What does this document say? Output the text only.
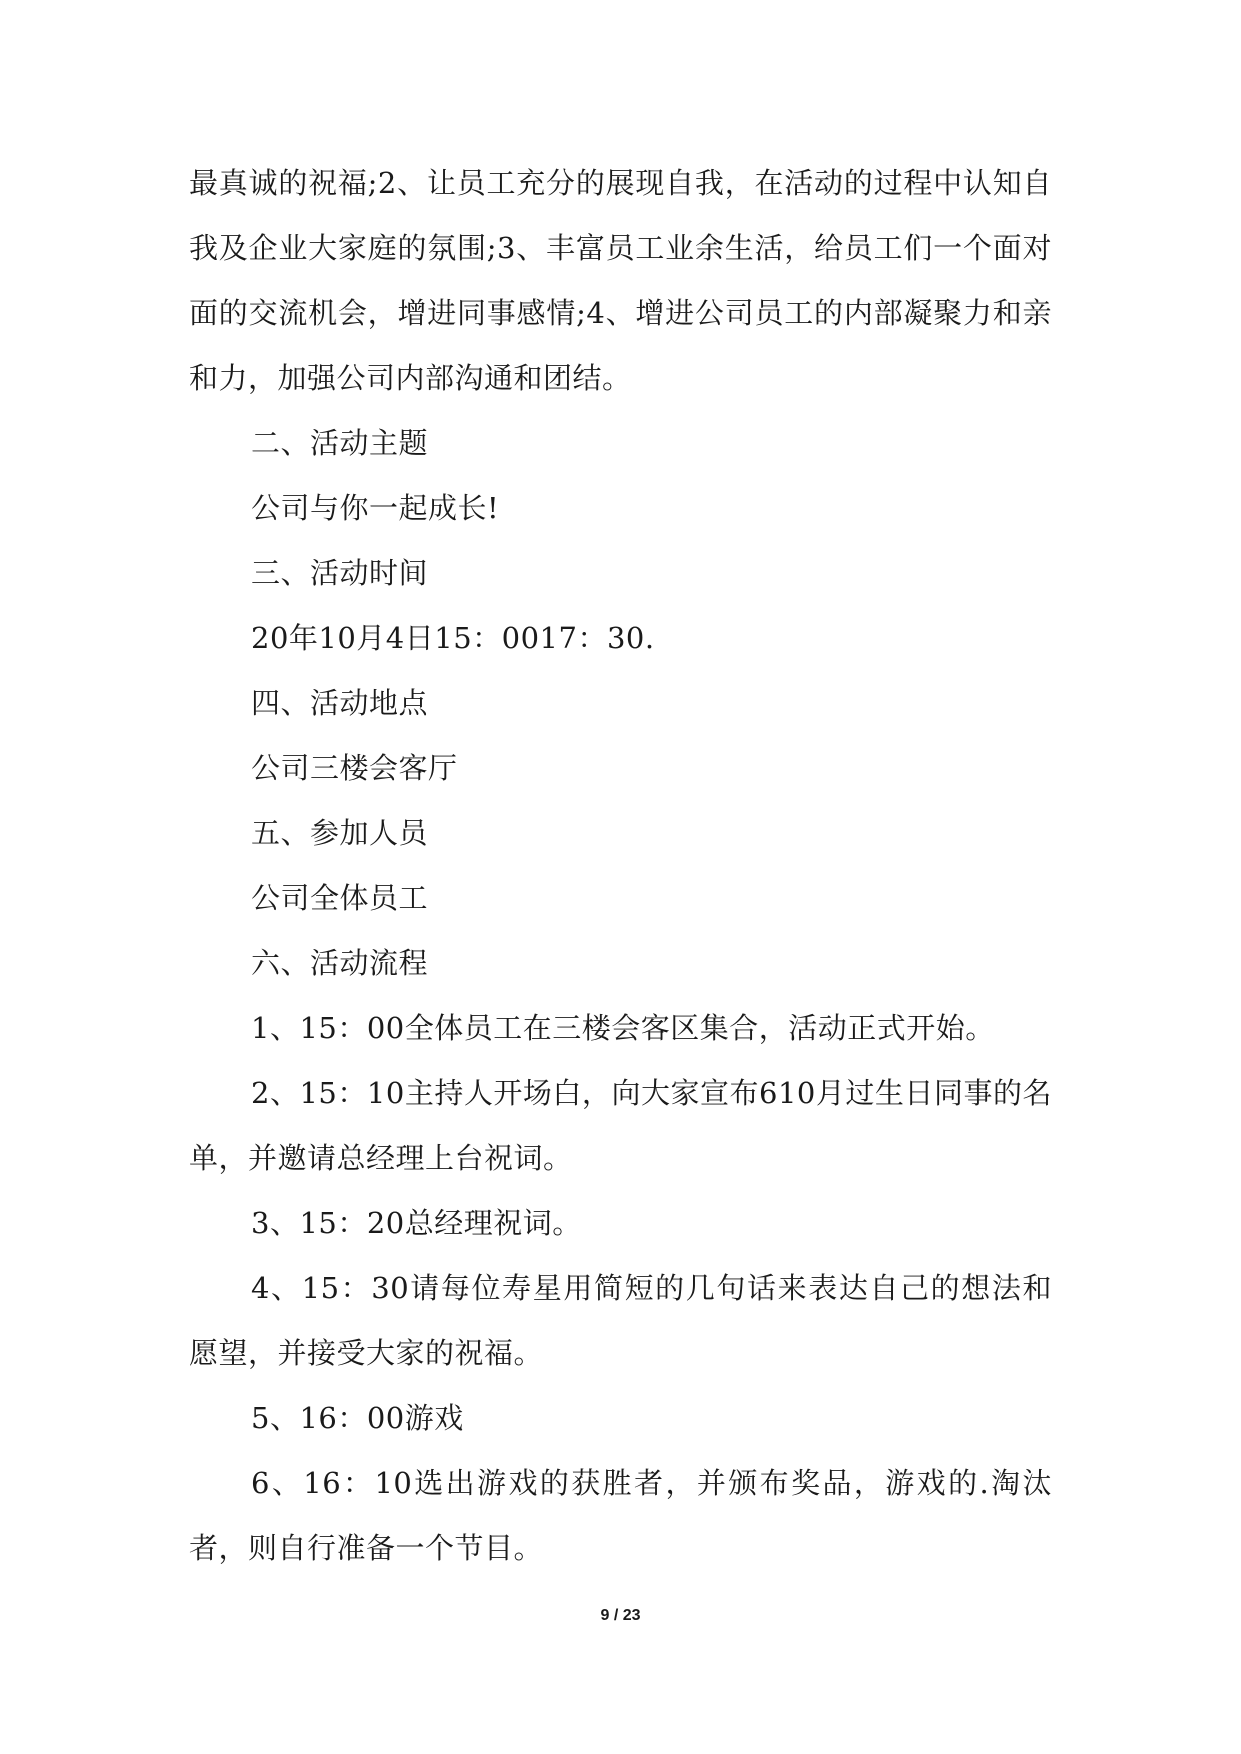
最真诚的祝福;2、让员工充分的展现自我，在活动的过程中认知自我及企业大家庭的氛围;3、丰富员工业余生活，给员工们一个面对面的交流机会，增进同事感情;4、增进公司员工的内部凝聚力和亲和力，加强公司内部沟通和团结。

二、活动主题

公司与你一起成长!

三、活动时间

20年10月4日15：0017：30.

四、活动地点

公司三楼会客厅

五、参加人员

公司全体员工

六、活动流程

1、15：00全体员工在三楼会客区集合，活动正式开始。

2、15：10主持人开场白，向大家宣布610月过生日同事的名单，并邀请总经理上台祝词。

3、15：20总经理祝词。

4、15：30请每位寿星用简短的几句话来表达自己的想法和愿望，并接受大家的祝福。

5、16：00游戏

6、16：10选出游戏的获胜者，并颁布奖品，游戏的.淘汰者，则自行准备一个节目。

9 / 23
